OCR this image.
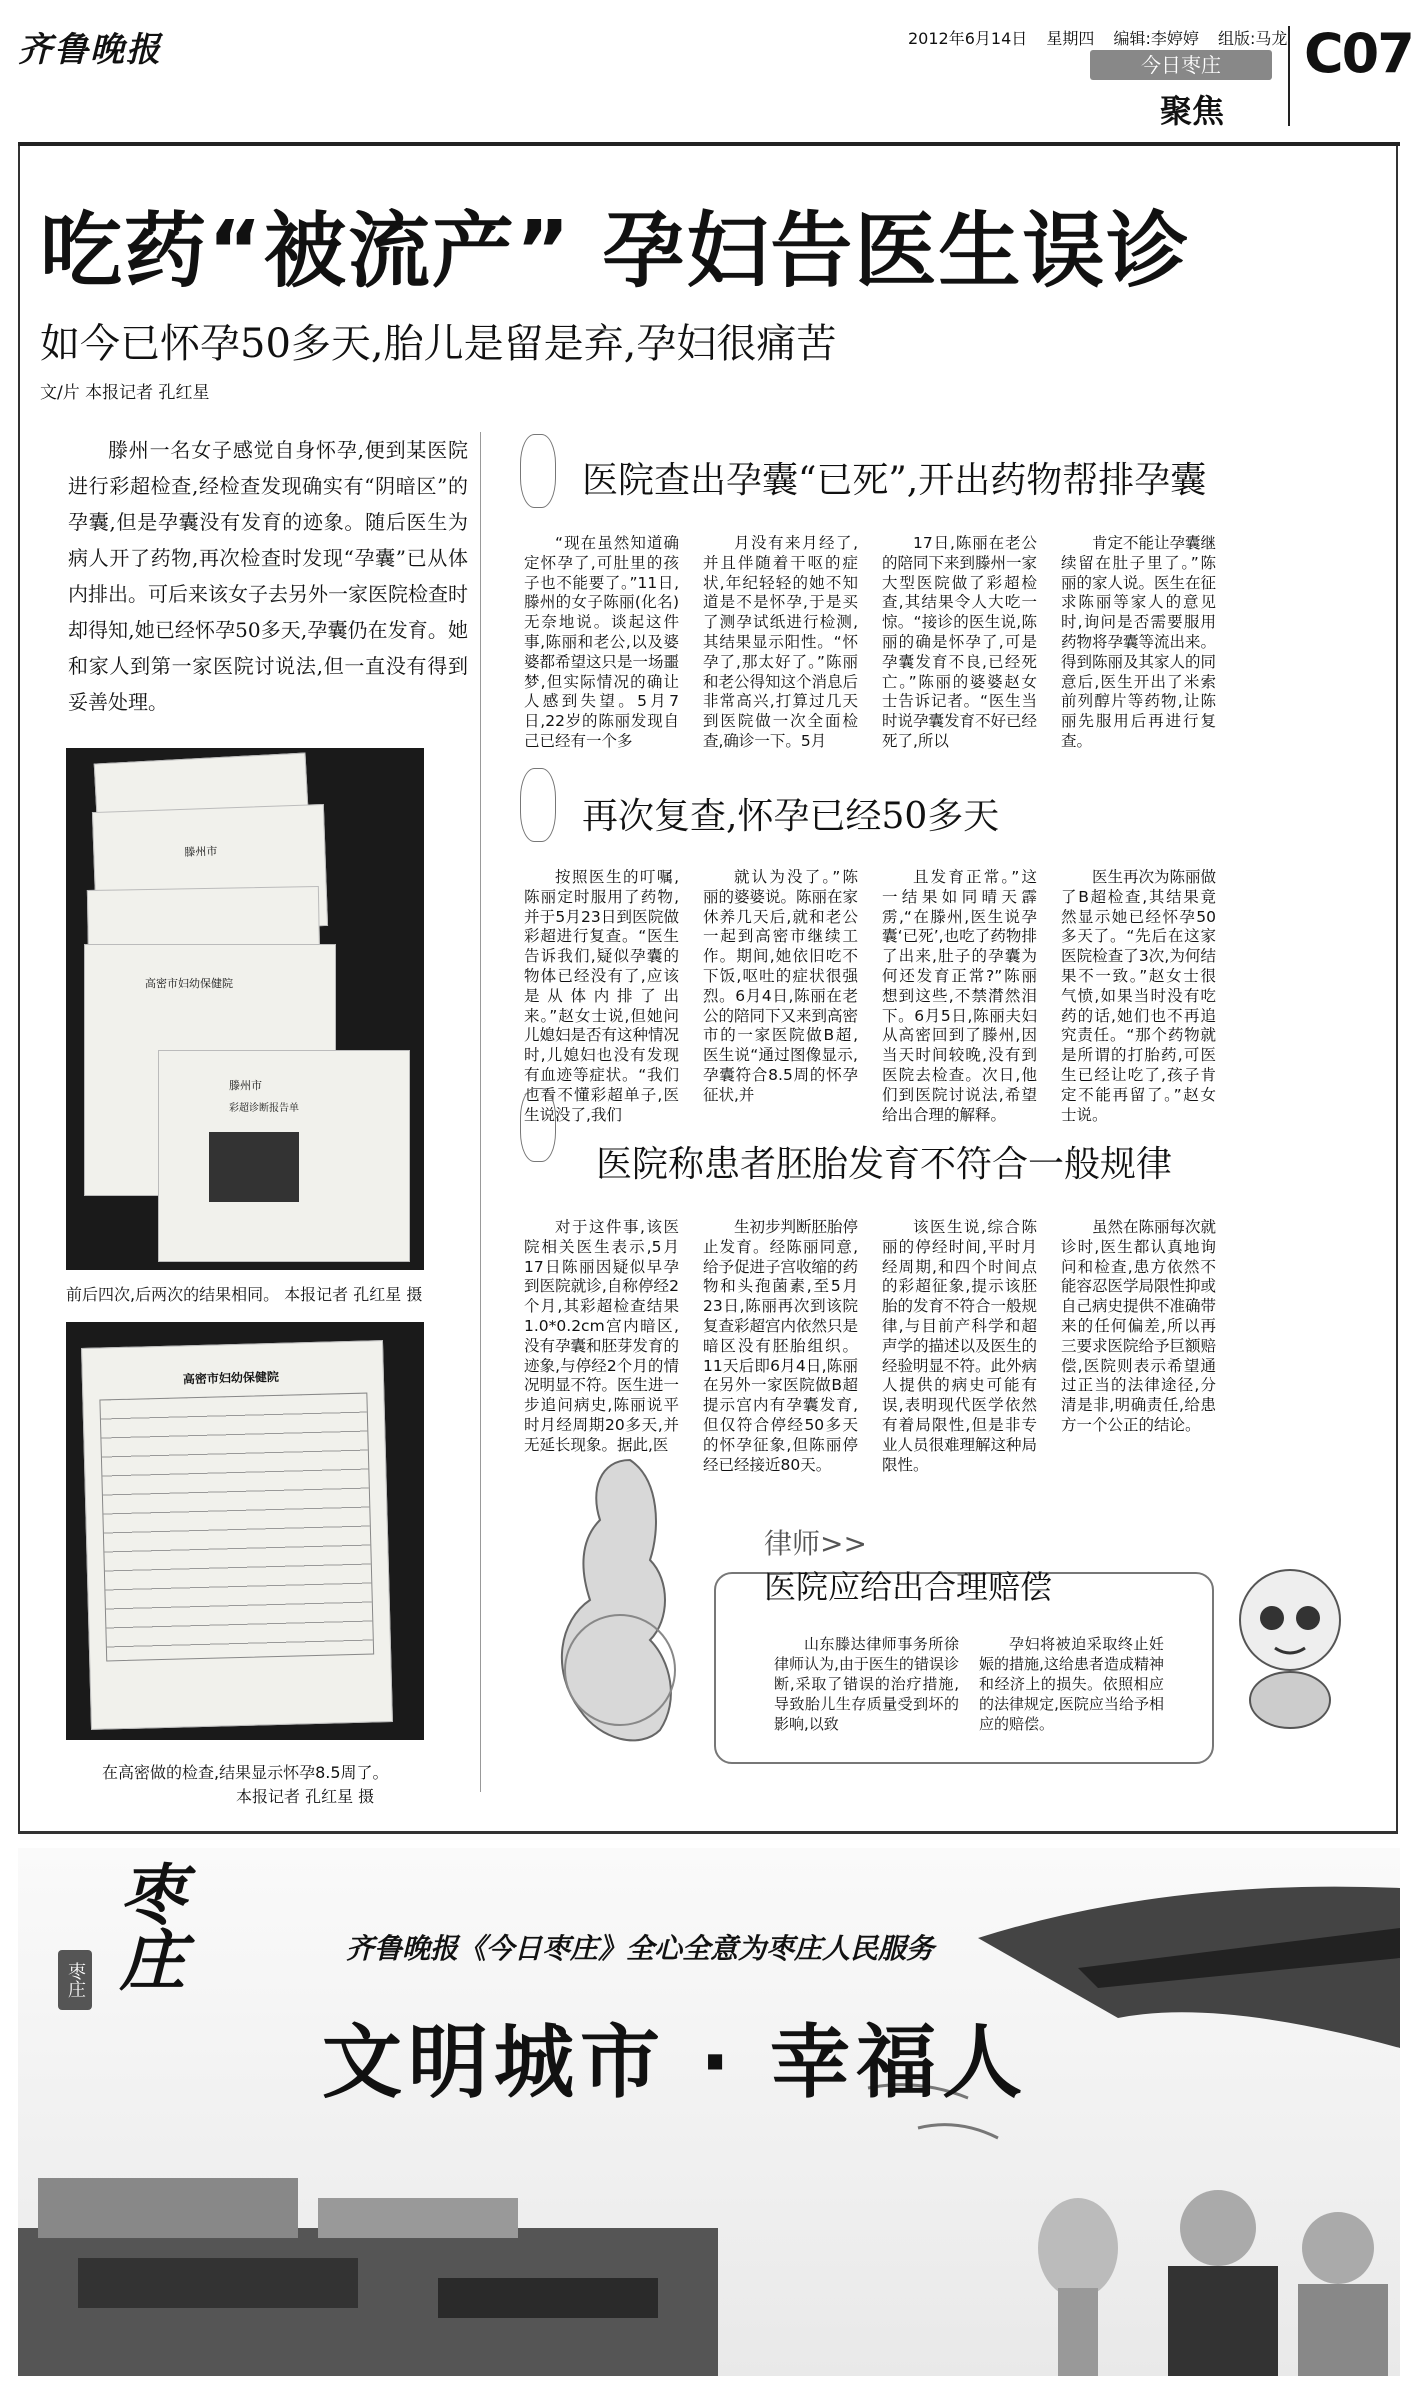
齐鲁晚报	2012年6月14日 星期四 编辑:李婷婷 组版:马龙
今日枣庄
聚焦
C07
吃药“被流产” 孕妇告医生误诊
如今已怀孕50多天,胎儿是留是弃,孕妇很痛苦
文/片 本报记者 孔红星
滕州一名女子感觉自身怀孕,便到某医院进行彩超检查,经检查发现确实有“阴暗区”的孕囊,但是孕囊没有发育的迹象。随后医生为病人开了药物,再次检查时发现“孕囊”已从体内排出。可后来该女子去另外一家医院检查时却得知,她已经怀孕50多天,孕囊仍在发育。她和家人到第一家医院讨说法,但一直没有得到妥善处理。
滕州市
高密市妇幼保健院
滕州市
彩超诊断报告单
前后四次,后两次的结果相同。 本报记者 孔红星 摄
高密市妇幼保健院
在高密做的检查,结果显示怀孕8.5周了。
本报记者 孔红星 摄
医院查出孕囊“已死”,开出药物帮排孕囊
“现在虽然知道确定怀孕了,可肚里的孩子也不能要了。”11日,滕州的女子陈丽(化名)无奈地说。谈起这件事,陈丽和老公,以及婆婆都希望这只是一场噩梦,但实际情况的确让人感到失望。5月7日,22岁的陈丽发现自己已经有一个多
月没有来月经了,并且伴随着干呕的症状,年纪轻轻的她不知道是不是怀孕,于是买了测孕试纸进行检测,其结果显示阳性。“怀孕了,那太好了。”陈丽和老公得知这个消息后非常高兴,打算过几天到医院做一次全面检查,确诊一下。5月
17日,陈丽在老公的陪同下来到滕州一家大型医院做了彩超检查,其结果令人大吃一惊。“接诊的医生说,陈丽的确是怀孕了,可是孕囊发育不良,已经死亡。”陈丽的婆婆赵女士告诉记者。“医生当时说孕囊发育不好已经死了,所以
肯定不能让孕囊继续留在肚子里了。”陈丽的家人说。医生在征求陈丽等家人的意见时,询问是否需要服用药物将孕囊等流出来。得到陈丽及其家人的同意后,医生开出了米索前列醇片等药物,让陈丽先服用后再进行复查。
再次复查,怀孕已经50多天
按照医生的叮嘱,陈丽定时服用了药物,并于5月23日到医院做彩超进行复查。“医生告诉我们,疑似孕囊的物体已经没有了,应该是从体内排了出来。”赵女士说,但她问儿媳妇是否有这种情况时,儿媳妇也没有发现有血迹等症状。“我们也看不懂彩超单子,医生说没了,我们
就认为没了。”陈丽的婆婆说。陈丽在家休养几天后,就和老公一起到高密市继续工作。期间,她依旧吃不下饭,呕吐的症状很强烈。6月4日,陈丽在老公的陪同下又来到高密市的一家医院做B超,医生说“通过图像显示,孕囊符合8.5周的怀孕征状,并
且发育正常。”这一结果如同晴天霹雳,“在滕州,医生说孕囊‘已死’,也吃了药物排了出来,肚子的孕囊为何还发育正常?”陈丽想到这些,不禁潸然泪下。6月5日,陈丽夫妇从高密回到了滕州,因当天时间较晚,没有到医院去检查。次日,他们到医院讨说法,希望给出合理的解释。
医生再次为陈丽做了B超检查,其结果竟然显示她已经怀孕50多天了。“先后在这家医院检查了3次,为何结果不一致。”赵女士很气愤,如果当时没有吃药的话,她们也不再追究责任。“那个药物就是所谓的打胎药,可医生已经让吃了,孩子肯定不能再留了。”赵女士说。
医院称患者胚胎发育不符合一般规律
对于这件事,该医院相关医生表示,5月17日陈丽因疑似早孕到医院就诊,自称停经2个月,其彩超检查结果1.0*0.2cm宫内暗区,没有孕囊和胚芽发育的迹象,与停经2个月的情况明显不符。医生进一步追问病史,陈丽说平时月经周期20多天,并无延长现象。据此,医
生初步判断胚胎停止发育。经陈丽同意,给予促进子宫收缩的药物和头孢菌素,至5月23日,陈丽再次到该院复查彩超宫内依然只是暗区没有胚胎组织。11天后即6月4日,陈丽在另外一家医院做B超提示宫内有孕囊发育,但仅符合停经50多天的怀孕征象,但陈丽停经已经接近80天。
该医生说,综合陈丽的停经时间,平时月经周期,和四个时间点的彩超征象,提示该胚胎的发育不符合一般规律,与目前产科学和超声学的描述以及医生的经验明显不符。此外病人提供的病史可能有误,表明现代医学依然有着局限性,但是非专业人员很难理解这种局限性。
虽然在陈丽每次就诊时,医生都认真地询问和检查,患方依然不能容忍医学局限性抑或自己病史提供不准确带来的任何偏差,所以再三要求医院给予巨额赔偿,医院则表示希望通过正当的法律途径,分清是非,明确责任,给患方一个公正的结论。
律师>>
医院应给出合理赔偿
山东滕达律师事务所徐律师认为,由于医生的错误诊断,采取了错误的治疗措施,导致胎儿生存质量受到坏的影响,以致
孕妇将被迫采取终止妊娠的措施,这给患者造成精神和经济上的损失。依照相应的法律规定,医院应当给予相应的赔偿。
枣庄
枣庄
齐鲁晚报《今日枣庄》全心全意为枣庄人民服务
文明城市 · 幸福人
